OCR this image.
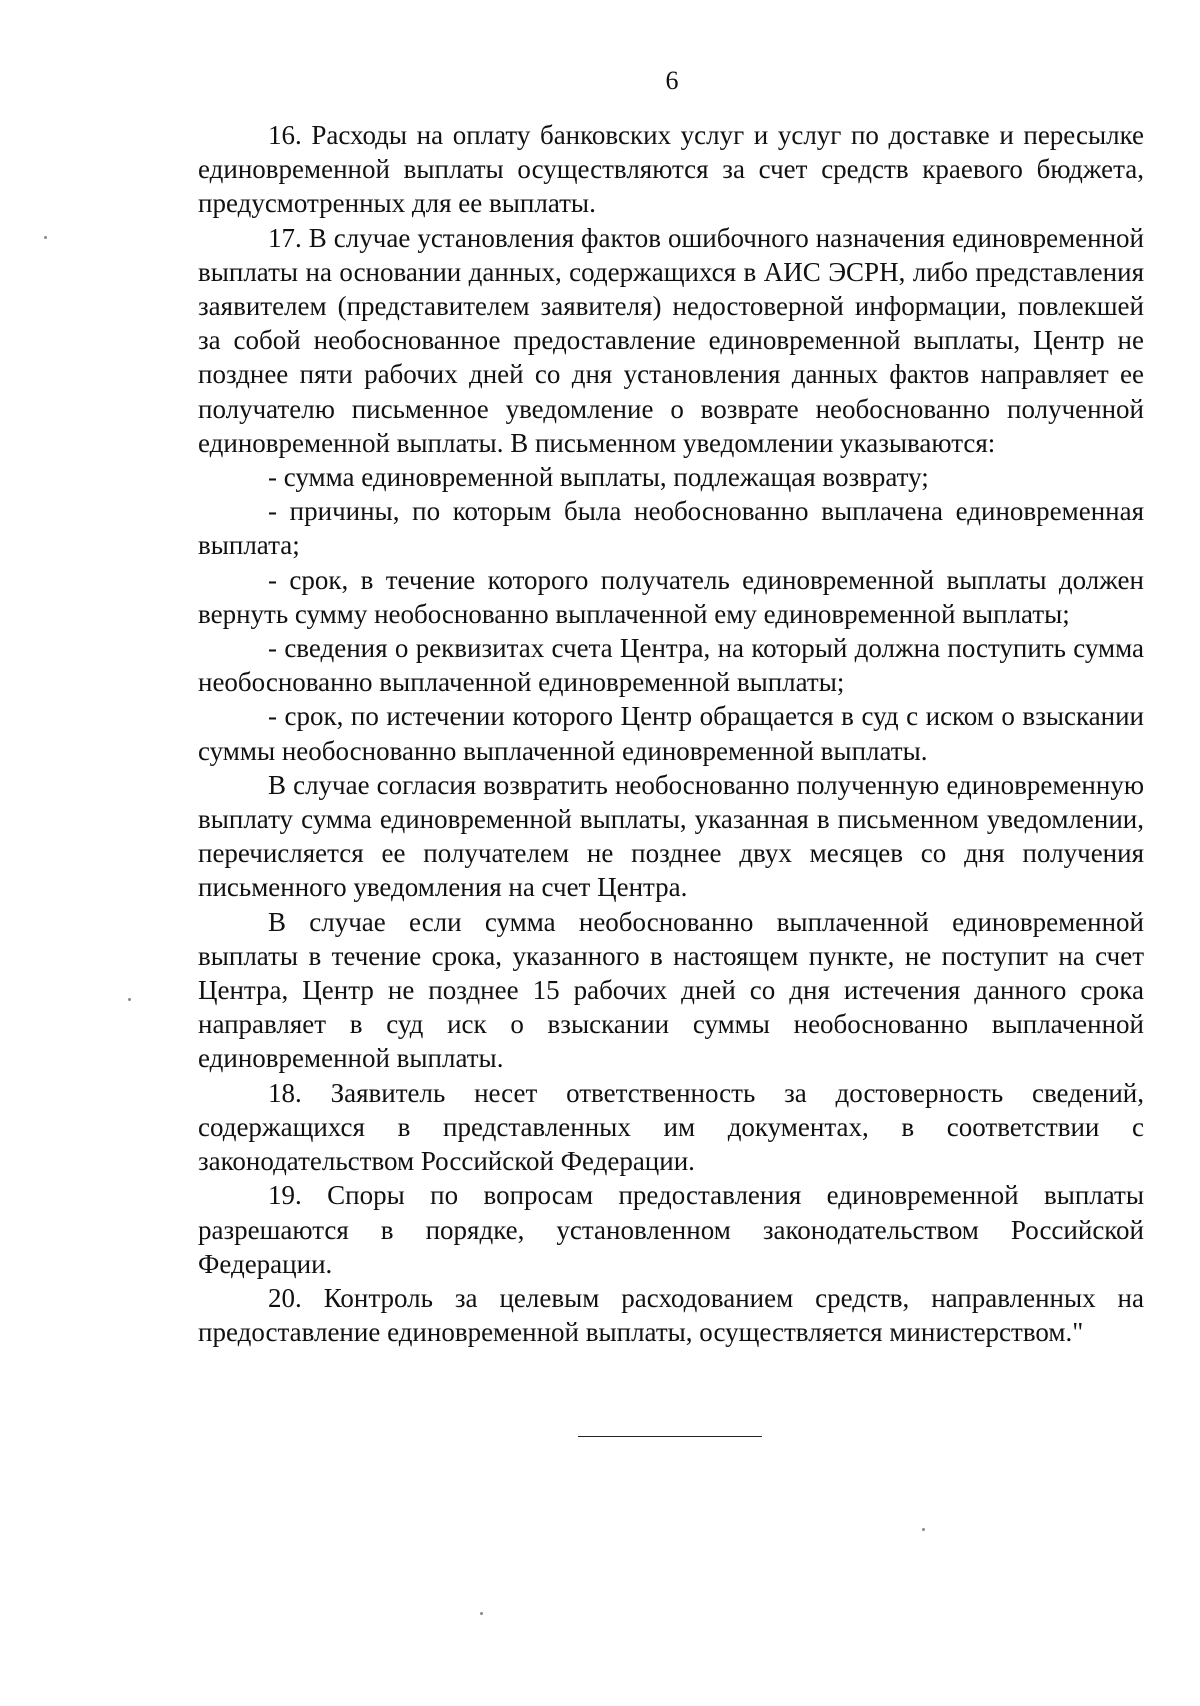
6

16. Расходы на оплату банковских услуг и услуг по доставке и пересылке единовременной выплаты осуществляются за счет средств краевого бюджета, предусмотренных для ее выплаты.

17. В случае установления фактов ошибочного назначения единовременной выплаты на основании данных, содержащихся в АИС ЭСРН, либо представления заявителем (представителем заявителя) недостоверной информации, повлекшей за собой необоснованное предоставление единовременной выплаты, Центр не позднее пяти рабочих дней со дня установления данных фактов направляет ее получателю письменное уведомление о возврате необоснованно полученной единовременной выплаты. В письменном уведомлении указываются:

- сумма единовременной выплаты, подлежащая возврату;

- причины, по которым была необоснованно выплачена единовременная выплата;

- срок, в течение которого получатель единовременной выплаты должен вернуть сумму необоснованно выплаченной ему единовременной выплаты;

- сведения о реквизитах счета Центра, на который должна поступить сумма необоснованно выплаченной единовременной выплаты;

- срок, по истечении которого Центр обращается в суд с иском о взыскании суммы необоснованно выплаченной единовременной выплаты.

В случае согласия возвратить необоснованно полученную единовременную выплату сумма единовременной выплаты, указанная в письменном уведомлении, перечисляется ее получателем не позднее двух месяцев со дня получения письменного уведомления на счет Центра.

В случае если сумма необоснованно выплаченной единовременной выплаты в течение срока, указанного в настоящем пункте, не поступит на счет Центра, Центр не позднее 15 рабочих дней со дня истечения данного срока направляет в суд иск о взыскании суммы необоснованно выплаченной единовременной выплаты.

18. Заявитель несет ответственность за достоверность сведений, содержащихся в представленных им документах, в соответствии с законодательством Российской Федерации.

19. Споры по вопросам предоставления единовременной выплаты разрешаются в порядке, установленном законодательством Российской Федерации.

20. Контроль за целевым расходованием средств, направленных на предоставление единовременной выплаты, осуществляется министерством."
